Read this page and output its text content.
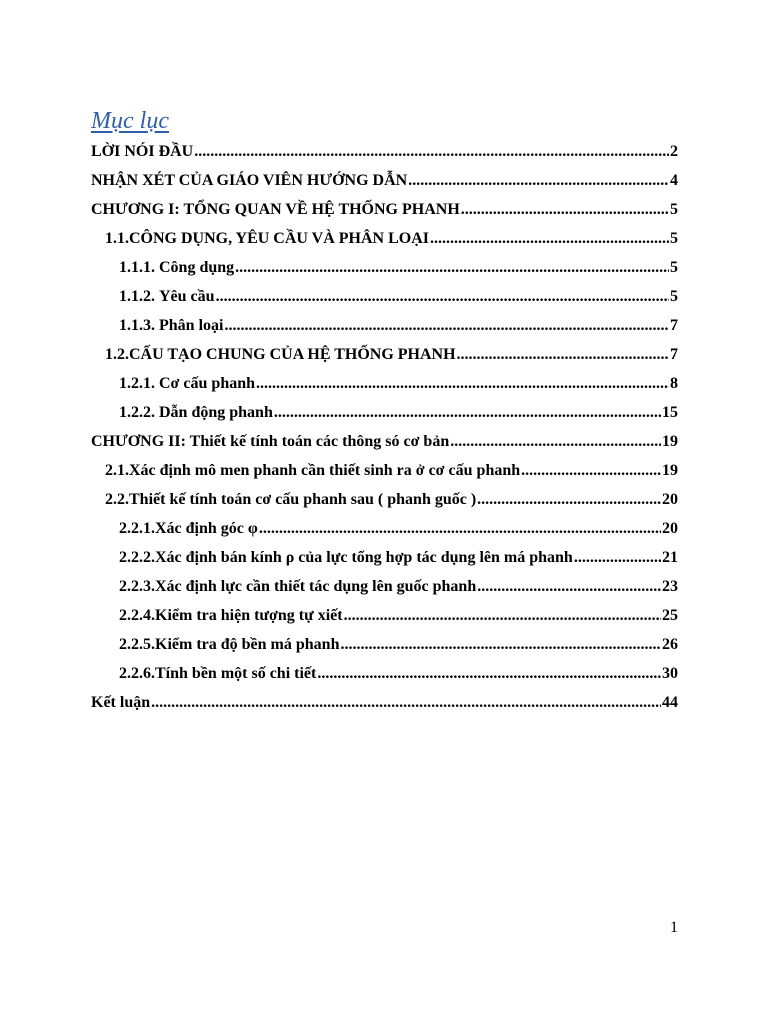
Mục lục
LỜI NÓI ĐẦU .....	2
NHẬN XÉT CỦA GIÁO VIÊN HƯỚNG DẪN .....	4
CHƯƠNG I: TỔNG QUAN VỀ HỆ THỐNG PHANH .....	5
1.1. CÔNG DỤNG, YÊU CẦU VÀ PHÂN LOẠI .....	5
1.1.1. Công dụng .....	5
1.1.2. Yêu cầu .....	5
1.1.3. Phân loại .....	7
1.2. CẤU TẠO CHUNG CỦA HỆ THỐNG PHANH .....	7
1.2.1. Cơ cấu phanh .....	8
1.2.2. Dẫn động phanh .....	15
CHƯƠNG II: Thiết kế tính toán các thông só cơ bản .....	19
2.1. Xác định mô men phanh cần thiết sinh ra ở cơ cấu phanh .....	19
2.2. Thiết kế tính toán cơ cấu phanh sau ( phanh guốc ) .....	20
2.2.1. Xác định góc φ .....	20
2.2.2. Xác định bán kính ρ của lực tổng hợp tác dụng lên má phanh .....	21
2.2.3. Xác định lực cần thiết tác dụng lên guốc phanh .....	23
2.2.4. Kiểm tra hiện tượng tự xiết .....	25
2.2.5. Kiểm tra độ bền má phanh .....	26
2.2.6. Tính bền một số chi tiết .....	30
Kết luận .....	44
1
